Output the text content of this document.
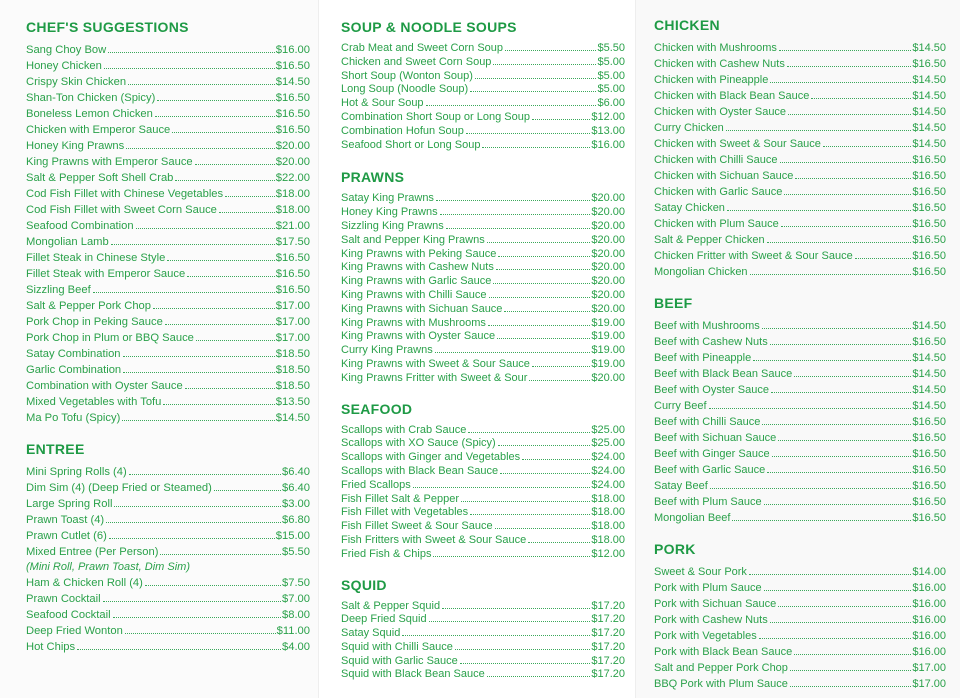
CHEF'S SUGGESTIONS
Sang Choy Bow	$16.00
Honey Chicken	$16.50
Crispy Skin Chicken	$14.50
Shan-Ton Chicken (Spicy)	$16.50
Boneless Lemon Chicken	$16.50
Chicken with Emperor Sauce	$16.50
Honey King Prawns	$20.00
King Prawns with Emperor Sauce	$20.00
Salt & Pepper Soft Shell Crab	$22.00
Cod Fish Fillet with Chinese Vegetables	$18.00
Cod Fish Fillet with Sweet Corn Sauce	$18.00
Seafood Combination	$21.00
Mongolian Lamb	$17.50
Fillet Steak in Chinese Style	$16.50
Fillet Steak with Emperor Sauce	$16.50
Sizzling Beef	$16.50
Salt & Pepper Pork Chop	$17.00
Pork Chop in Peking Sauce	$17.00
Pork Chop in Plum or BBQ Sauce	$17.00
Satay Combination	$18.50
Garlic Combination	$18.50
Combination with Oyster Sauce	$18.50
Mixed Vegetables with Tofu	$13.50
Ma Po Tofu (Spicy)	$14.50
ENTREE
Mini Spring Rolls (4)	$6.40
Dim Sim (4) (Deep Fried or Steamed)	$6.40
Large Spring Roll	$3.00
Prawn Toast (4)	$6.80
Prawn Cutlet (6)	$15.00
Mixed Entree (Per Person)	$5.50
(Mini Roll, Prawn Toast, Dim Sim)
Ham & Chicken Roll (4)	$7.50
Prawn Cocktail	$7.00
Seafood Cocktail	$8.00
Deep Fried Wonton	$11.00
Hot Chips	$4.00
SOUP & NOODLE SOUPS
Crab Meat and Sweet Corn Soup	$5.50
Chicken and Sweet Corn Soup	$5.00
Short Soup (Wonton Soup)	$5.00
Long Soup (Noodle Soup)	$5.00
Hot & Sour Soup	$6.00
Combination Short Soup or Long Soup	$12.00
Combination Hofun Soup	$13.00
Seafood Short or Long Soup	$16.00
PRAWNS
Satay King Prawns	$20.00
Honey King Prawns	$20.00
Sizzling King Prawns	$20.00
Salt and Pepper King Prawns	$20.00
King Prawns with Peking Sauce	$20.00
King Prawns with Cashew Nuts	$20.00
King Prawns with Garlic Sauce	$20.00
King Prawns with Chilli Sauce	$20.00
King Prawns with Sichuan Sauce	$20.00
King Prawns with Mushrooms	$19.00
King Prawns with Oyster Sauce	$19.00
Curry King Prawns	$19.00
King Prawns with Sweet & Sour Sauce	$19.00
King Prawns Fritter with Sweet & Sour	$20.00
SEAFOOD
Scallops with Crab Sauce	$25.00
Scallops with XO Sauce (Spicy)	$25.00
Scallops with Ginger and Vegetables	$24.00
Scallops with Black Bean Sauce	$24.00
Fried Scallops	$24.00
Fish Fillet Salt & Pepper	$18.00
Fish Fillet with Vegetables	$18.00
Fish Fillet Sweet & Sour Sauce	$18.00
Fish Fritters with Sweet & Sour Sauce	$18.00
Fried Fish & Chips	$12.00
SQUID
Salt & Pepper Squid	$17.20
Deep Fried Squid	$17.20
Satay Squid	$17.20
Squid with Chilli Sauce	$17.20
Squid with Garlic Sauce	$17.20
Squid with Black Bean Sauce	$17.20
CHICKEN
Chicken with Mushrooms	$14.50
Chicken with Cashew Nuts	$16.50
Chicken with Pineapple	$14.50
Chicken with Black Bean Sauce	$14.50
Chicken with Oyster Sauce	$14.50
Curry Chicken	$14.50
Chicken with Sweet & Sour Sauce	$14.50
Chicken with Chilli Sauce	$16.50
Chicken with Sichuan Sauce	$16.50
Chicken with Garlic Sauce	$16.50
Satay Chicken	$16.50
Chicken with Plum Sauce	$16.50
Salt & Pepper Chicken	$16.50
Chicken Fritter with Sweet & Sour Sauce	$16.50
Mongolian Chicken	$16.50
BEEF
Beef with Mushrooms	$14.50
Beef with Cashew Nuts	$16.50
Beef with Pineapple	$14.50
Beef with Black Bean Sauce	$14.50
Beef with Oyster Sauce	$14.50
Curry Beef	$14.50
Beef with Chilli Sauce	$16.50
Beef with Sichuan Sauce	$16.50
Beef with Ginger Sauce	$16.50
Beef with Garlic Sauce	$16.50
Satay Beef	$16.50
Beef with Plum Sauce	$16.50
Mongolian Beef	$16.50
PORK
Sweet & Sour Pork	$14.00
Pork with Plum Sauce	$16.00
Pork with Sichuan Sauce	$16.00
Pork with Cashew Nuts	$16.00
Pork with Vegetables	$16.00
Pork with Black Bean Sauce	$16.00
Salt and Pepper Pork Chop	$17.00
BBQ Pork with Plum Sauce	$17.00
